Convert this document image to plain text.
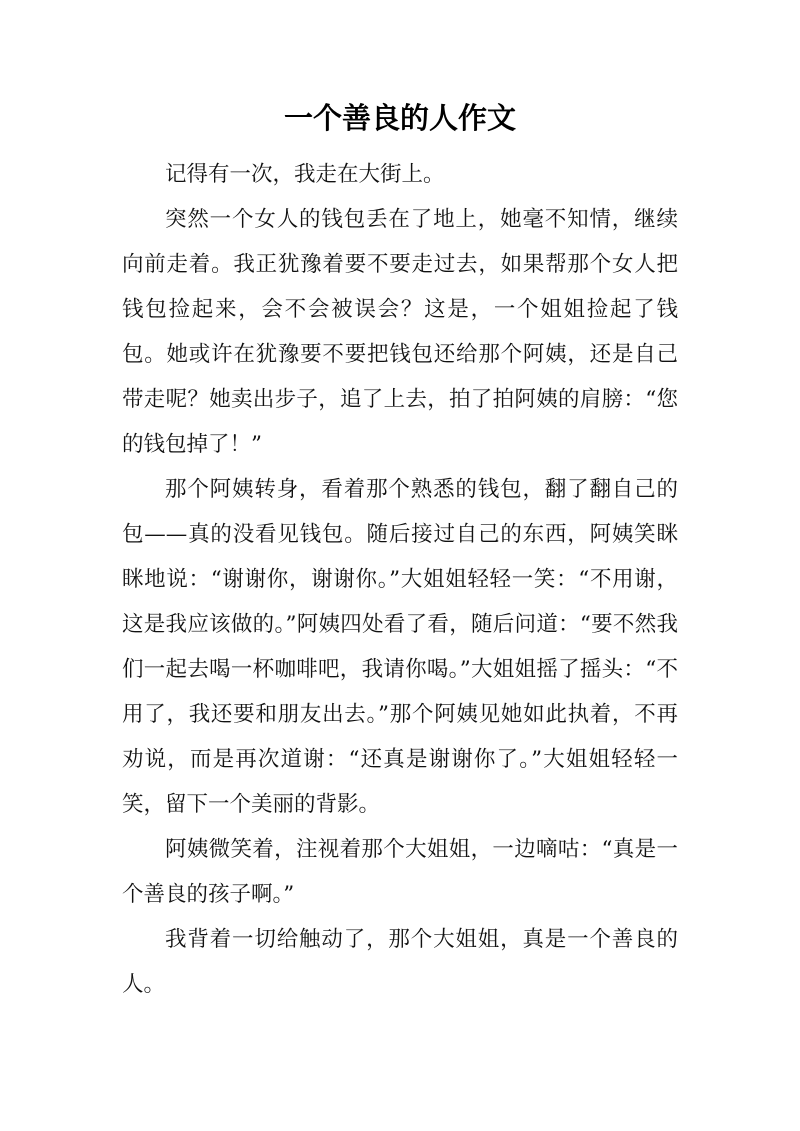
一个善良的人作文

记得有一次，我走在大街上。

突然一个女人的钱包丢在了地上，她毫不知情，继续向前走着。我正犹豫着要不要走过去，如果帮那个女人把钱包捡起来，会不会被误会？这是，一个姐姐捡起了钱包。她或许在犹豫要不要把钱包还给那个阿姨，还是自己带走呢？她卖出步子，追了上去，拍了拍阿姨的肩膀：“您的钱包掉了！”

那个阿姨转身，看着那个熟悉的钱包，翻了翻自己的包——真的没看见钱包。随后接过自己的东西，阿姨笑眯眯地说：“谢谢你，谢谢你。”大姐姐轻轻一笑：“不用谢，这是我应该做的。”阿姨四处看了看，随后问道：“要不然我们一起去喝一杯咖啡吧，我请你喝。”大姐姐摇了摇头：“不用了，我还要和朋友出去。”那个阿姨见她如此执着，不再劝说，而是再次道谢：“还真是谢谢你了。”大姐姐轻轻一笑，留下一个美丽的背影。

阿姨微笑着，注视着那个大姐姐，一边嘀咕：“真是一个善良的孩子啊。”

我背着一切给触动了，那个大姐姐，真是一个善良的人。
